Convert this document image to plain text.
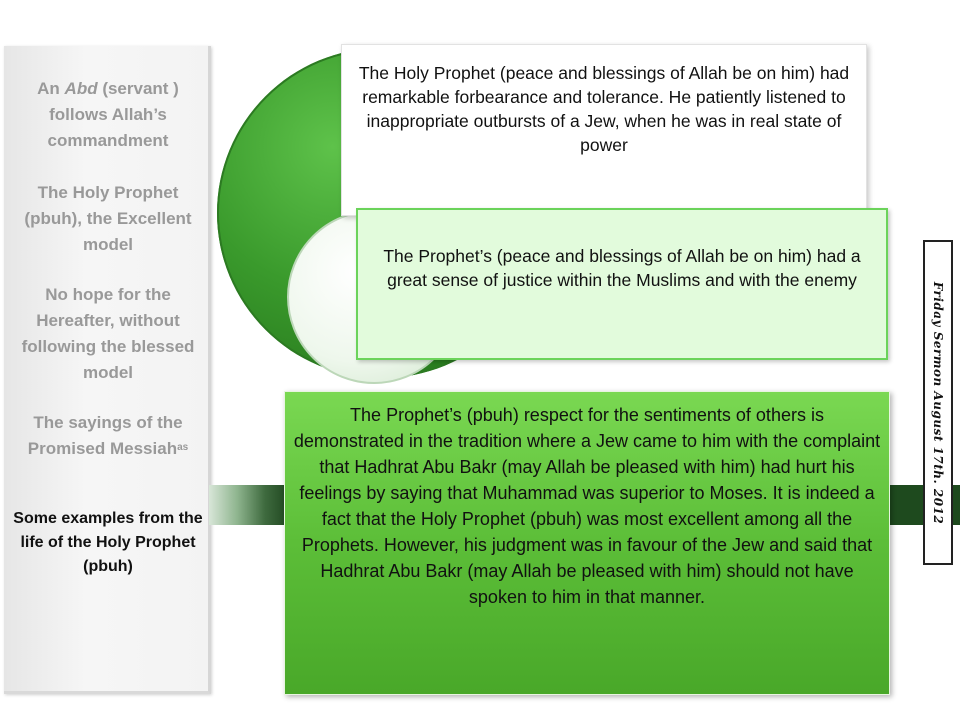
An Abd (servant ) follows Allah’s commandment
The Holy Prophet (pbuh), the Excellent model
No hope for the Hereafter, without following the blessed model
The sayings of the Promised Messiah$^{as}$
Some examples from the life of the Holy Prophet (pbuh)
The Holy Prophet (peace and blessings of Allah be on him) had remarkable forbearance and tolerance. He patiently listened to inappropriate outbursts of a Jew, when he was in real state of power
The Prophet’s (peace and blessings of Allah be on him) had a great sense of justice within the Muslims and with the enemy
The Prophet’s (pbuh) respect for the sentiments of others is demonstrated in the tradition where a Jew came to him with the complaint that Hadhrat Abu Bakr (may Allah be pleased with him) had hurt his feelings by saying that Muhammad was superior to Moses. It is indeed a fact that the Holy Prophet (pbuh) was most excellent among all the Prophets. However, his judgment was in favour of the Jew and said that Hadhrat Abu Bakr (may Allah be pleased with him) should not have spoken to him in that manner.
Friday Sermon August 17th. 2012
